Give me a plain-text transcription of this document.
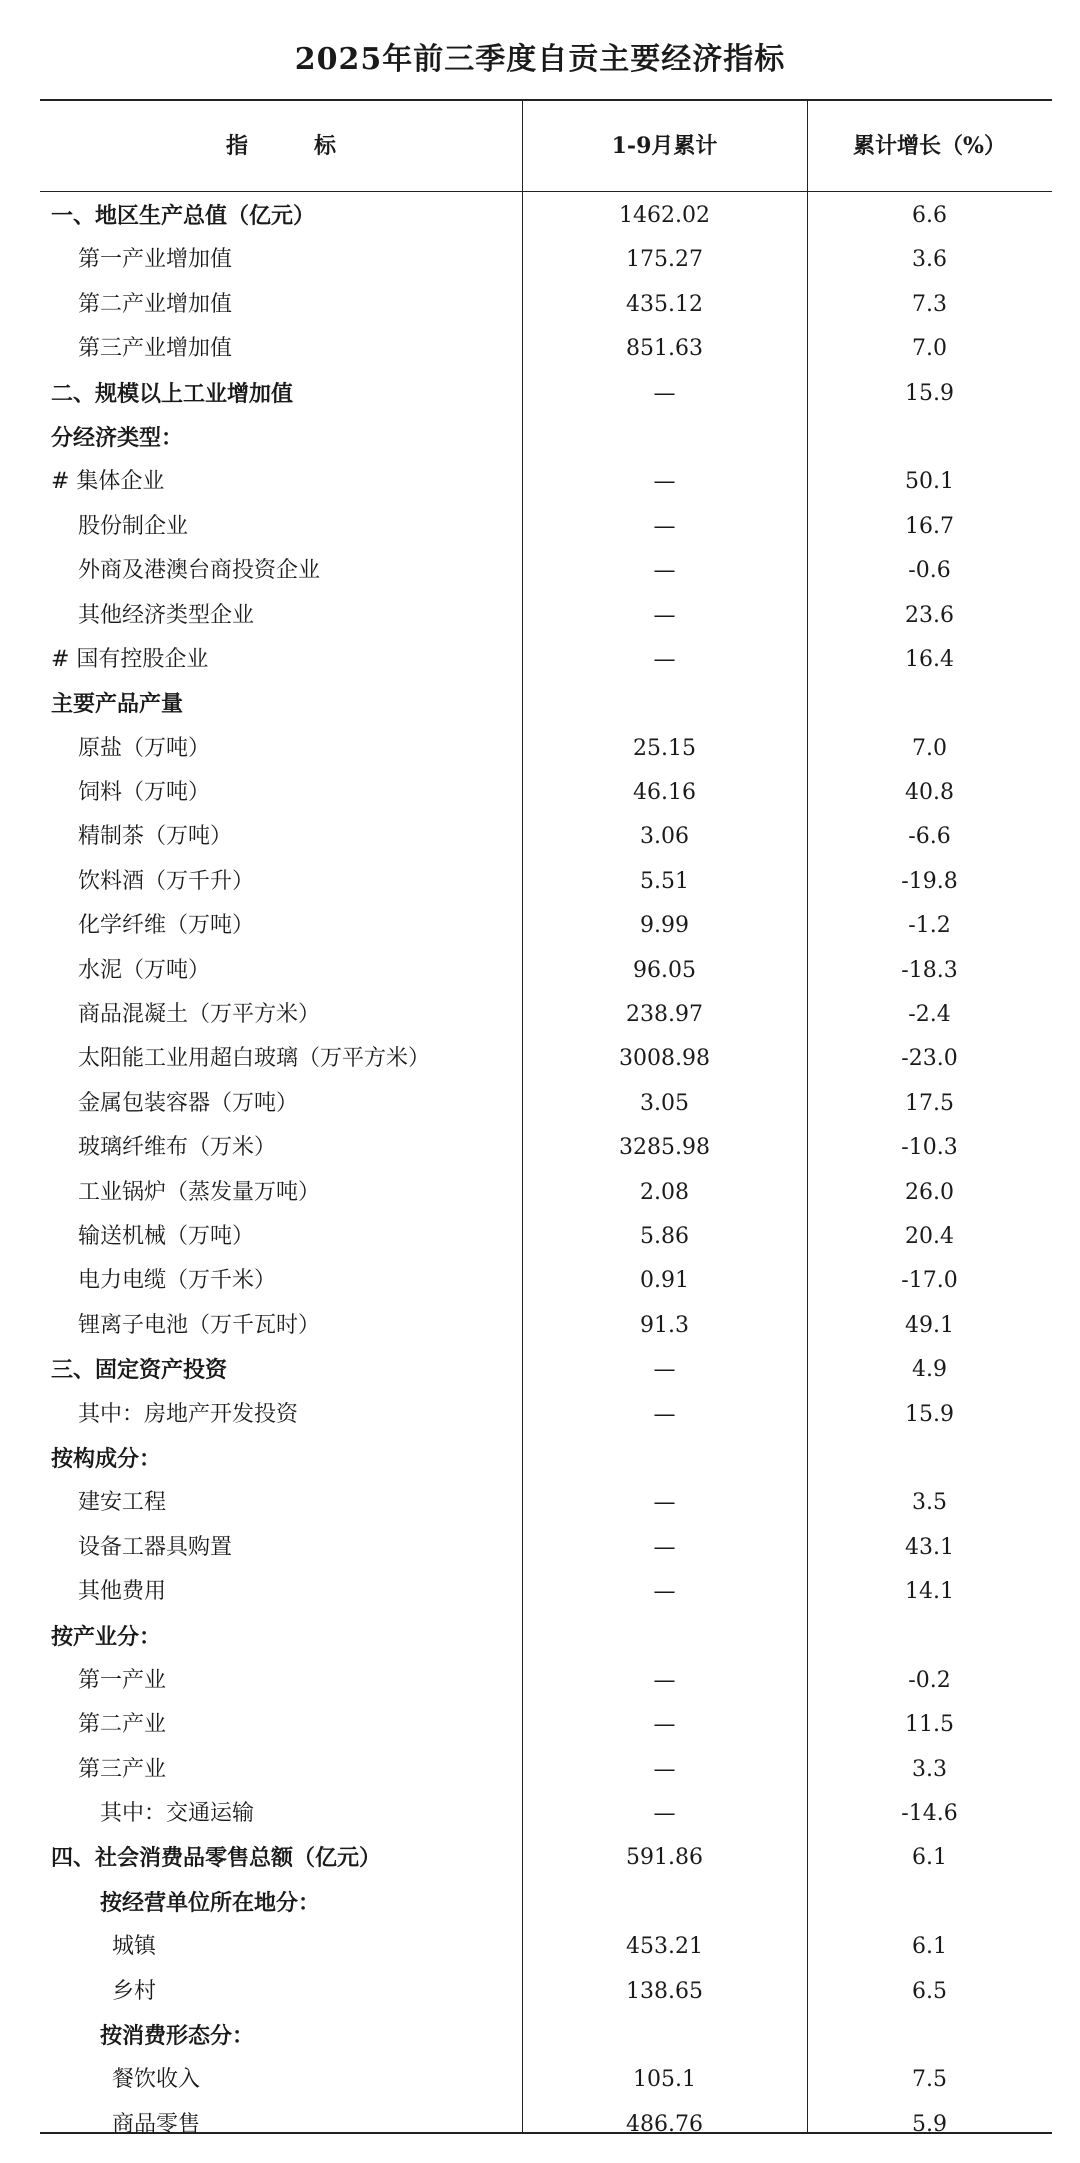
2025年前三季度自贡主要经济指标
指　　　标	1-9月累计	累计增长（%）
一、地区生产总值（亿元）	1462.02	6.6
第一产业增加值	175.27	3.6
第二产业增加值	435.12	7.3
第三产业增加值	851.63	7.0
二、规模以上工业增加值	—	15.9
分经济类型：
# 集体企业	—	50.1
股份制企业	—	16.7
外商及港澳台商投资企业	—	-0.6
其他经济类型企业	—	23.6
# 国有控股企业	—	16.4
主要产品产量
原盐（万吨）	25.15	7.0
饲料（万吨）	46.16	40.8
精制茶（万吨）	3.06	-6.6
饮料酒（万千升）	5.51	-19.8
化学纤维（万吨）	9.99	-1.2
水泥（万吨）	96.05	-18.3
商品混凝土（万平方米）	238.97	-2.4
太阳能工业用超白玻璃（万平方米）	3008.98	-23.0
金属包装容器（万吨）	3.05	17.5
玻璃纤维布（万米）	3285.98	-10.3
工业锅炉（蒸发量万吨）	2.08	26.0
输送机械（万吨）	5.86	20.4
电力电缆（万千米）	0.91	-17.0
锂离子电池（万千瓦时）	91.3	49.1
三、固定资产投资	—	4.9
其中：房地产开发投资	—	15.9
按构成分：
建安工程	—	3.5
设备工器具购置	—	43.1
其他费用	—	14.1
按产业分：
第一产业	—	-0.2
第二产业	—	11.5
第三产业	—	3.3
其中：交通运输	—	-14.6
四、社会消费品零售总额（亿元）	591.86	6.1
按经营单位所在地分：
城镇	453.21	6.1
乡村	138.65	6.5
按消费形态分：
餐饮收入	105.1	7.5
商品零售	486.76	5.9
